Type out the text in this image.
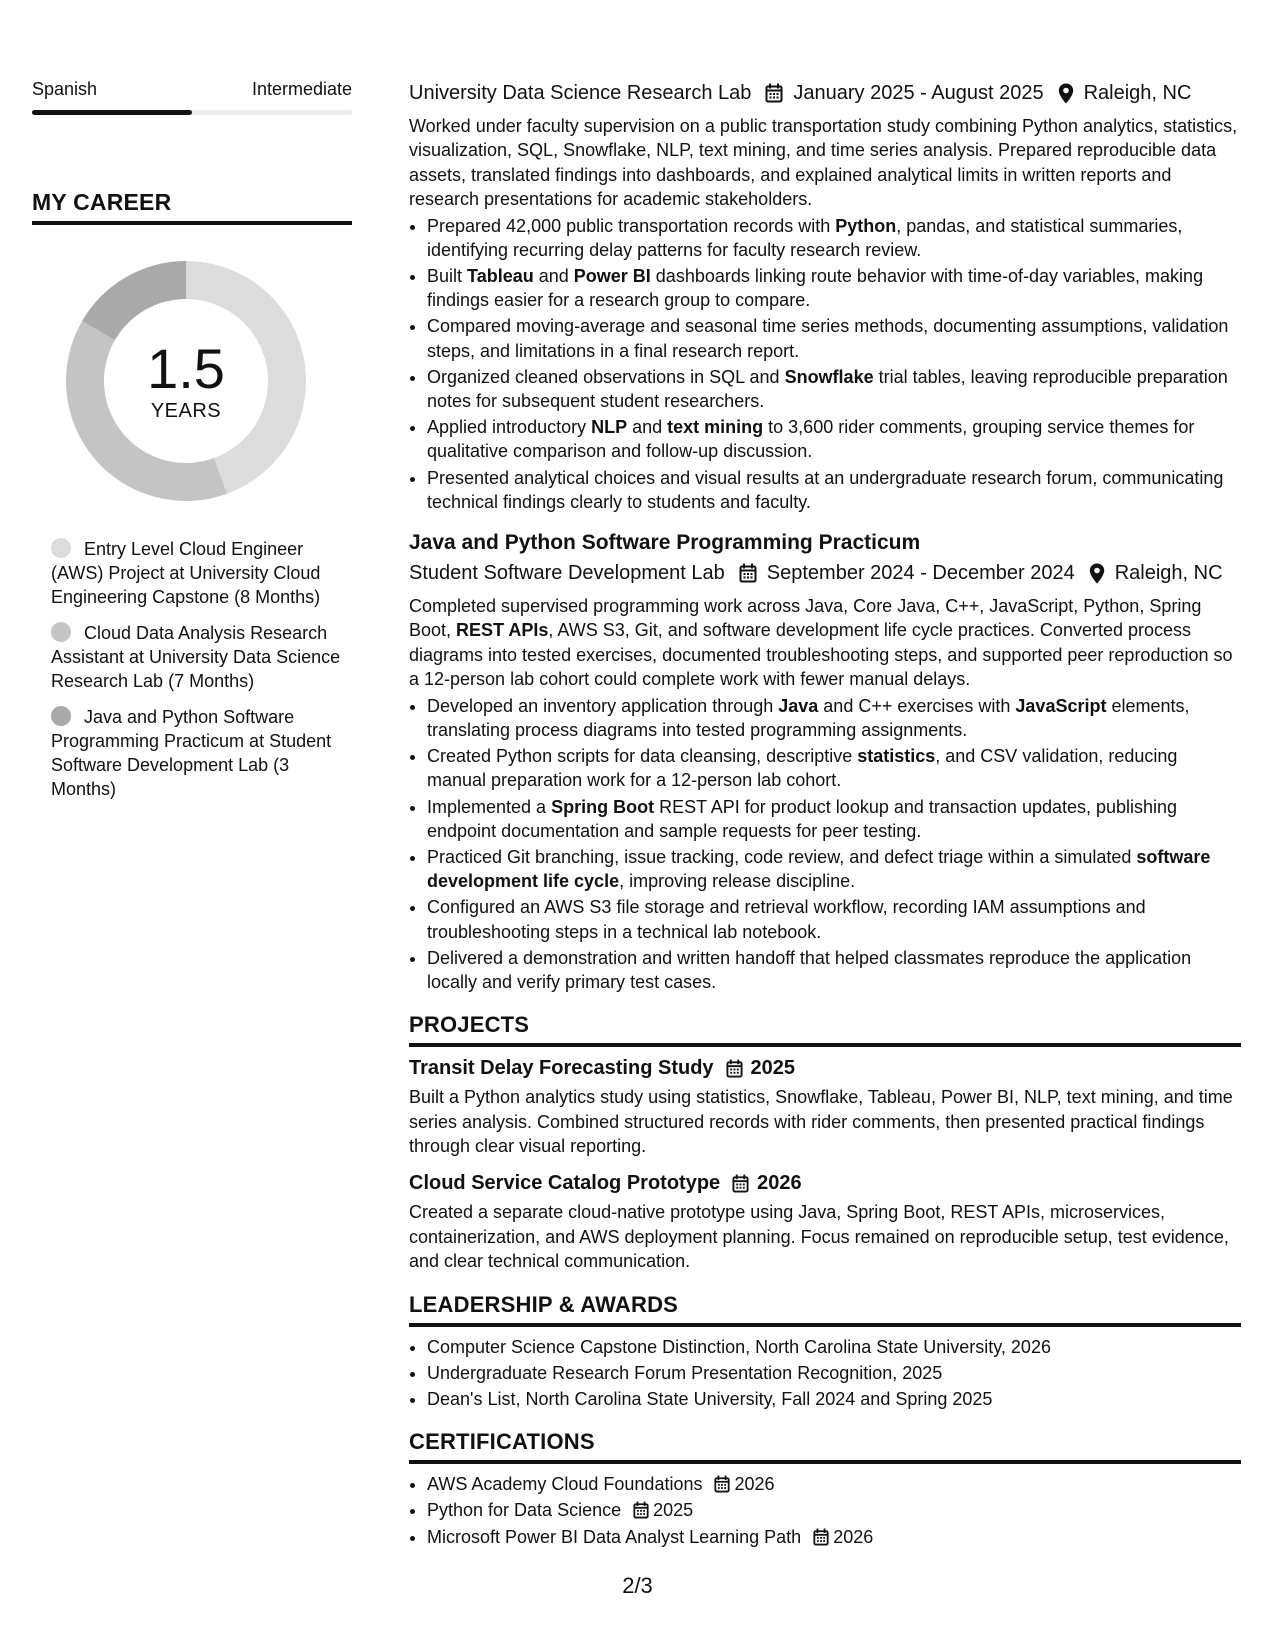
Spanish	Intermediate
MY CAREER
1.5
YEARS
Entry Level Cloud Engineer (AWS) Project at University Cloud Engineering Capstone (8 Months)
Cloud Data Analysis Research Assistant at University Data Science Research Lab (7 Months)
Java and Python Software Programming Practicum at Student Software Development Lab (3 Months)
University Data Science Research Lab January 2025 - August 2025 Raleigh, NC

Worked under faculty supervision on a public transportation study combining Python analytics, statistics, visualization, SQL, Snowflake, NLP, text mining, and time series analysis. Prepared reproducible data assets, translated findings into dashboards, and explained analytical limits in written reports and research presentations for academic stakeholders.

• Prepared 42,000 public transportation records with Python, pandas, and statistical summaries, identifying recurring delay patterns for faculty research review.
• Built Tableau and Power BI dashboards linking route behavior with time-of-day variables, making findings easier for a research group to compare.
• Compared moving-average and seasonal time series methods, documenting assumptions, validation steps, and limitations in a final research report.
• Organized cleaned observations in SQL and Snowflake trial tables, leaving reproducible preparation notes for subsequent student researchers.
• Applied introductory NLP and text mining to 3,600 rider comments, grouping service themes for qualitative comparison and follow-up discussion.
• Presented analytical choices and visual results at an undergraduate research forum, communicating technical findings clearly to students and faculty.
Java and Python Software Programming Practicum
Student Software Development Lab September 2024 - December 2024 Raleigh, NC

Completed supervised programming work across Java, Core Java, C++, JavaScript, Python, Spring Boot, REST APIs, AWS S3, Git, and software development life cycle practices. Converted process diagrams into tested exercises, documented troubleshooting steps, and supported peer reproduction so a 12-person lab cohort could complete work with fewer manual delays.

• Developed an inventory application through Java and C++ exercises with JavaScript elements, translating process diagrams into tested programming assignments.
• Created Python scripts for data cleansing, descriptive statistics, and CSV validation, reducing manual preparation work for a 12-person lab cohort.
• Implemented a Spring Boot REST API for product lookup and transaction updates, publishing endpoint documentation and sample requests for peer testing.
• Practiced Git branching, issue tracking, code review, and defect triage within a simulated software development life cycle, improving release discipline.
• Configured an AWS S3 file storage and retrieval workflow, recording IAM assumptions and troubleshooting steps in a technical lab notebook.
• Delivered a demonstration and written handoff that helped classmates reproduce the application locally and verify primary test cases.
PROJECTS
Transit Delay Forecasting Study 2025

Built a Python analytics study using statistics, Snowflake, Tableau, Power BI, NLP, text mining, and time series analysis. Combined structured records with rider comments, then presented practical findings through clear visual reporting.

Cloud Service Catalog Prototype 2026

Created a separate cloud-native prototype using Java, Spring Boot, REST APIs, microservices, containerization, and AWS deployment planning. Focus remained on reproducible setup, test evidence, and clear technical communication.

LEADERSHIP & AWARDS
• Computer Science Capstone Distinction, North Carolina State University, 2026
• Undergraduate Research Forum Presentation Recognition, 2025
• Dean's List, North Carolina State University, Fall 2024 and Spring 2025
CERTIFICATIONS
• AWS Academy Cloud Foundations 2026
• Python for Data Science 2025
• Microsoft Power BI Data Analyst Learning Path 2026
2/3
